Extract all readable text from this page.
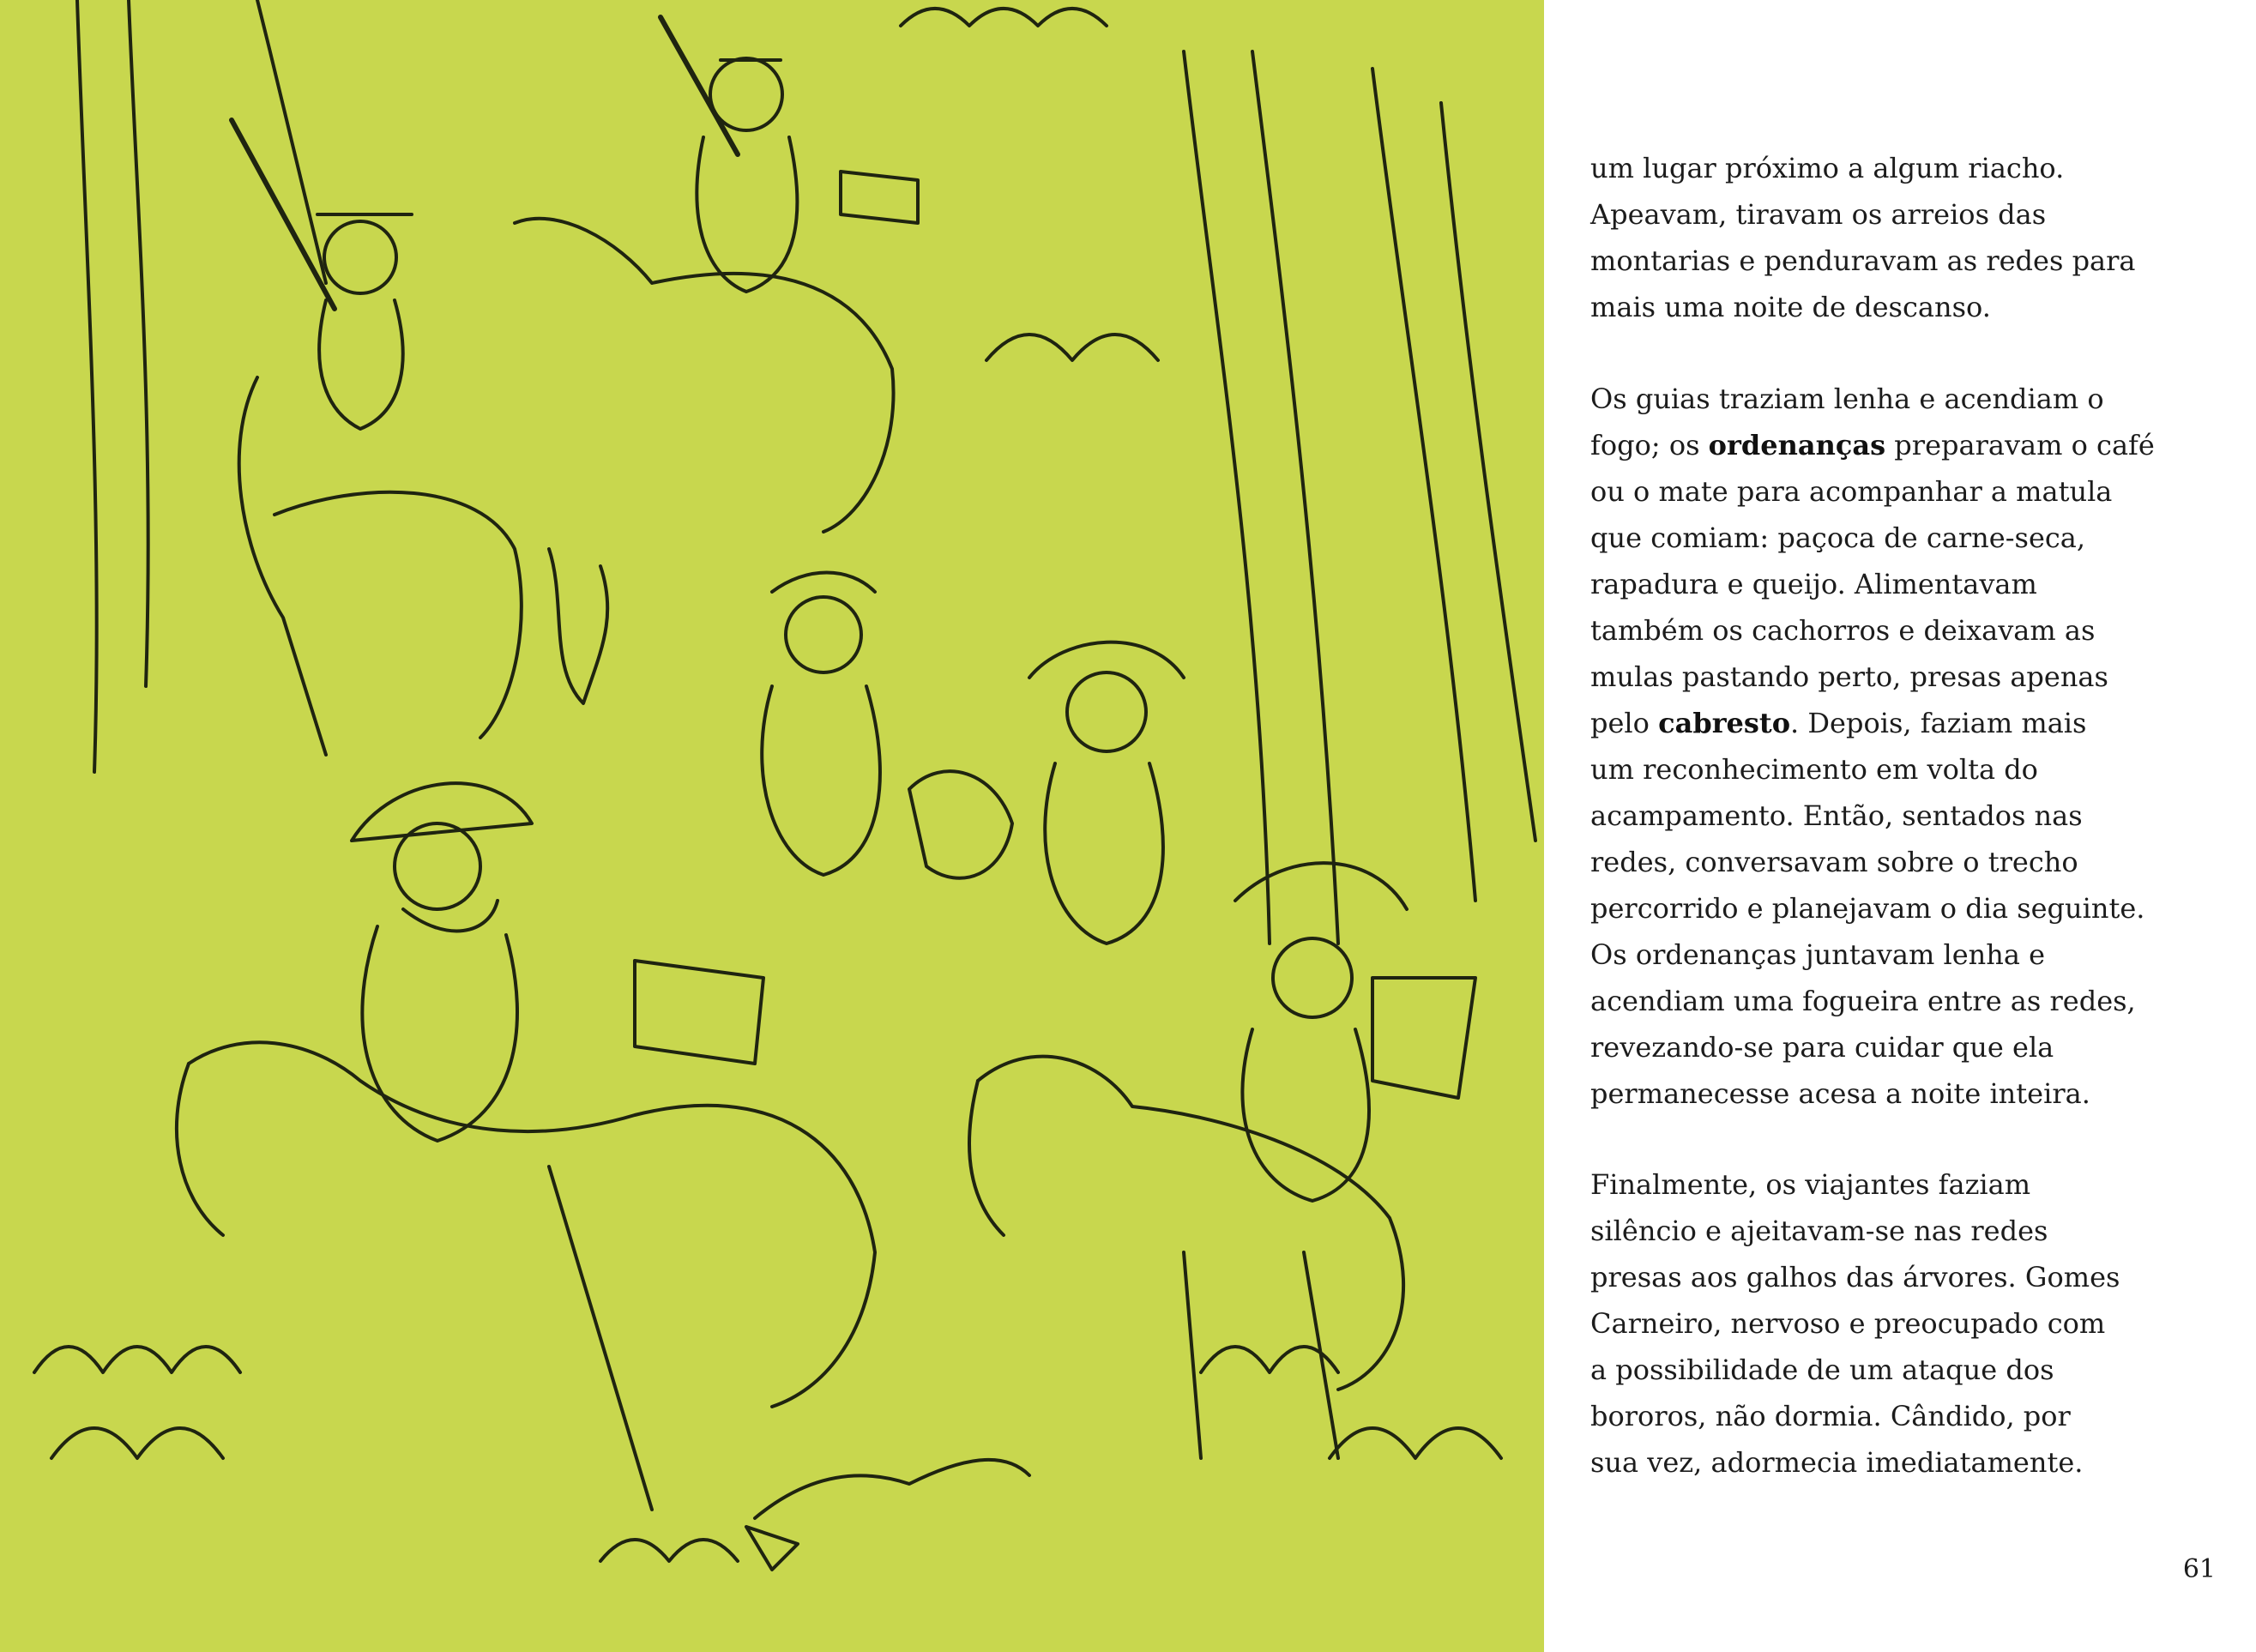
um lugar próximo a algum riacho.
Apeavam, tiravam os arreios das
montarias e penduravam as redes para
mais uma noite de descanso.

Os guias traziam lenha e acendiam o
fogo; os ordenanças preparavam o café
ou o mate para acompanhar a matula
que comiam: paçoca de carne-seca,
rapadura e queijo. Alimentavam
também os cachorros e deixavam as
mulas pastando perto, presas apenas
pelo cabresto. Depois, faziam mais
um reconhecimento em volta do
acampamento. Então, sentados nas
redes, conversavam sobre o trecho
percorrido e planejavam o dia seguinte.
Os ordenanças juntavam lenha e
acendiam uma fogueira entre as redes,
revezando-se para cuidar que ela
permanecesse acesa a noite inteira.

Finalmente, os viajantes faziam
silêncio e ajeitavam-se nas redes
presas aos galhos das árvores. Gomes
Carneiro, nervoso e preocupado com
a possibilidade de um ataque dos
bororos, não dormia. Cândido, por
sua vez, adormecia imediatamente.

61
